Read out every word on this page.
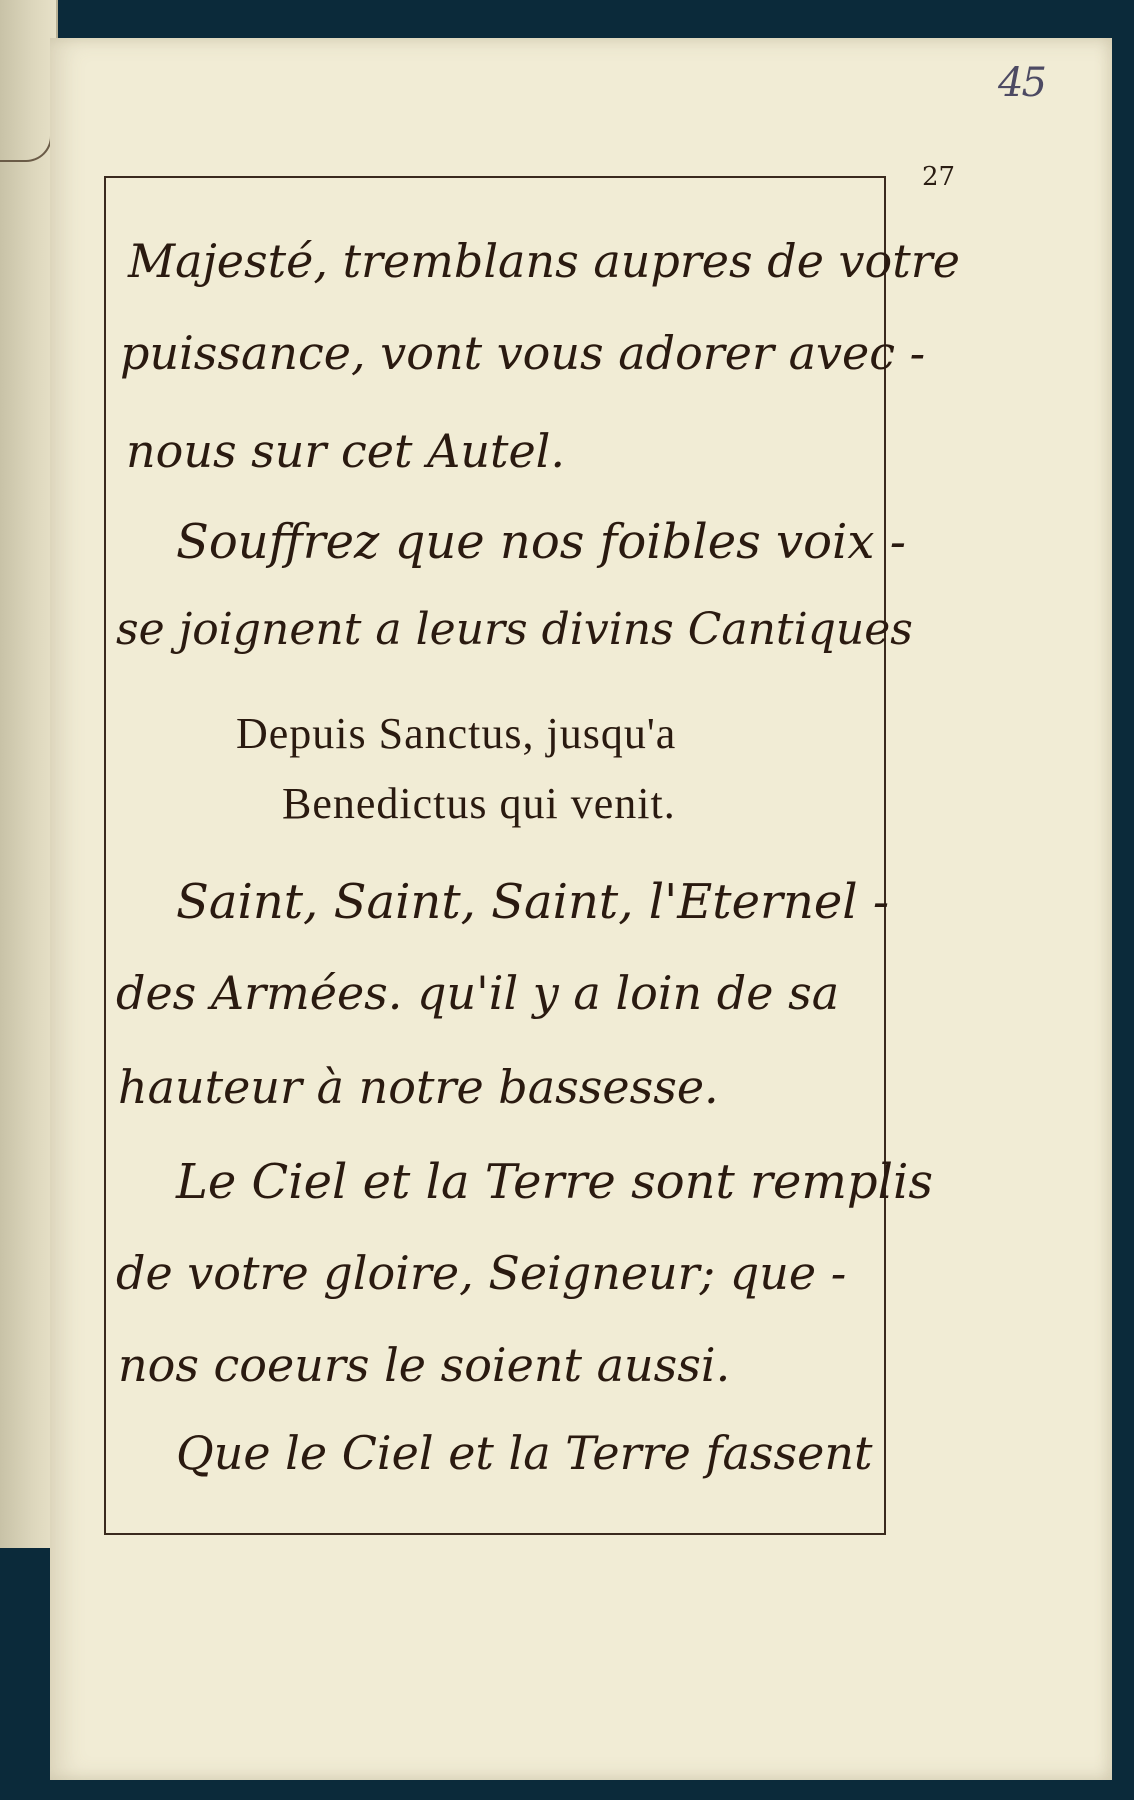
45
27
Majesté, tremblans aupres de votre
puissance, vont vous adorer avec -
nous sur cet Autel.
Souffrez que nos foibles voix -
se joignent a leurs divins Cantiques
Depuis Sanctus, jusqu'a
Benedictus qui venit.
Saint, Saint, Saint, l'Eternel -
des Armées. qu'il y a loin de sa
hauteur à notre bassesse.
Le Ciel et la Terre sont remplis
de votre gloire, Seigneur; que -
nos coeurs le soient aussi.
Que le Ciel et la Terre fassent
